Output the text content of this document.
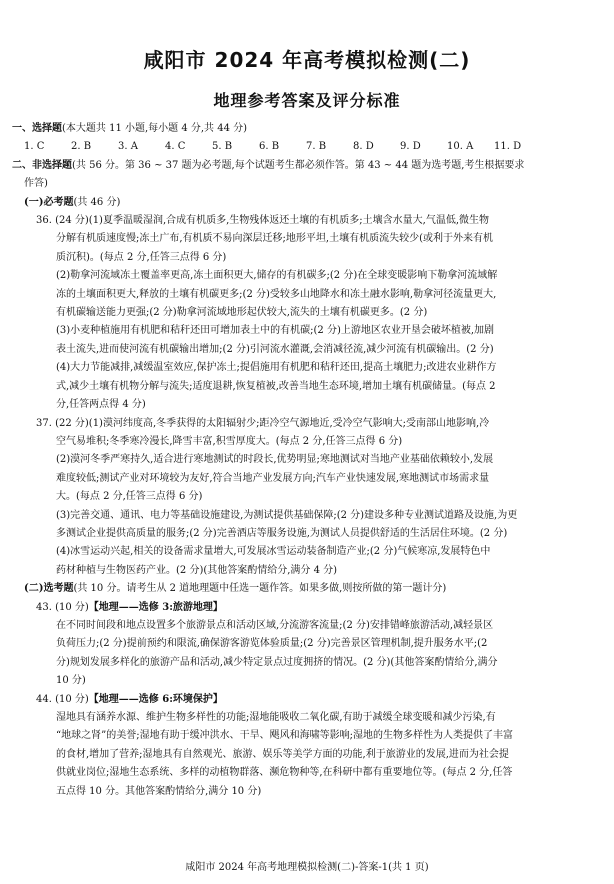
咸阳市 2024 年高考模拟检测(二)
地理参考答案及评分标准

一、选择题(本大题共 11 小题,每小题 4 分,共 44 分)

1. C	2. B	3. A	4. C	5. B	6. B	7. B	8. D	9. D	10. A 11. D

二、非选择题(共 56 分。第 36 ~ 37 题为必考题,每个试题考生都必须作答。第 43 ~ 44 题为选考题,考生根据要求

作答)

(一)必考题(共 46 分)

36. (24 分)(1)夏季温暖湿润,合成有机质多,生物残体返还土壤的有机质多;土壤含水量大,气温低,微生物

分解有机质速度慢;冻土广布,有机质不易向深层迁移;地形平坦,土壤有机质流失较少(或利于外来有机

质沉积)。(每点 2 分,任答三点得 6 分)

(2)勒拿河流域冻土覆盖率更高,冻土面积更大,储存的有机碳多;(2 分)在全球变暖影响下勒拿河流域解

冻的土壤面积更大,释放的土壤有机碳更多;(2 分)受较多山地降水和冻土融水影响,勒拿河径流量更大,

有机碳输送能力更强;(2 分)勒拿河流域地形起伏较大,流失的土壤有机碳更多。(2 分)

(3)小麦种植施用有机肥和秸秆还田可增加表土中的有机碳;(2 分)上游地区农业开垦会破坏植被,加剧

表土流失,进而使河流有机碳输出增加;(2 分)引河流水灌溉,会消减径流,减少河流有机碳输出。(2 分)

(4)大力节能减排,减缓温室效应,保护冻土;提倡施用有机肥和秸秆还田,提高土壤肥力;改进农业耕作方

式,减少土壤有机物分解与流失;适度退耕,恢复植被,改善当地生态环境,增加土壤有机碳储量。(每点 2

分,任答两点得 4 分)

37. (22 分)(1)漠河纬度高,冬季获得的太阳辐射少;距冷空气源地近,受冷空气影响大;受南部山地影响,冷

空气易堆积;冬季寒冷漫长,降雪丰富,积雪厚度大。(每点 2 分,任答三点得 6 分)

(2)漠河冬季严寒持久,适合进行寒地测试的时段长,优势明显;寒地测试对当地产业基础依赖较小,发展

难度较低;测试产业对环境较为友好,符合当地产业发展方向;汽车产业快速发展,寒地测试市场需求量

大。(每点 2 分,任答三点得 6 分)

(3)完善交通、通讯、电力等基础设施建设,为测试提供基础保障;(2 分)建设多种专业测试道路及设施,为更

多测试企业提供高质量的服务;(2 分)完善酒店等服务设施,为测试人员提供舒适的生活居住环境。(2 分)

(4)冰雪运动兴起,相关的设备需求量增大,可发展冰雪运动装备制造产业;(2 分)气候寒凉,发展特色中

药材种植与生物医药产业。(2 分)(其他答案酌情给分,满分 4 分)

(二)选考题(共 10 分。请考生从 2 道地理题中任选一题作答。如果多做,则按所做的第一题计分)

43. (10 分)【地理——选修 3:旅游地理】

在不同时间段和地点设置多个旅游景点和活动区域,分流游客流量;(2 分)安排错峰旅游活动,减轻景区

负荷压力;(2 分)提前预约和限流,确保游客游览体验质量;(2 分)完善景区管理机制,提升服务水平;(2

分)规划发展多样化的旅游产品和活动,减少特定景点过度拥挤的情况。(2 分)(其他答案酌情给分,满分

10 分)

44. (10 分)【地理——选修 6:环境保护】

湿地具有涵养水源、维护生物多样性的功能;湿地能吸收二氧化碳,有助于减缓全球变暖和减少污染,有

“地球之肾”的美誉;湿地有助于缓冲洪水、干旱、飓风和海啸等影响;湿地的生物多样性为人类提供了丰富

的食材,增加了营养;湿地具有自然观光、旅游、娱乐等美学方面的功能,利于旅游业的发展,进而为社会提

供就业岗位;湿地生态系统、多样的动植物群落、濒危物种等,在科研中都有重要地位等。(每点 2 分,任答

五点得 10 分。其他答案酌情给分,满分 10 分)

咸阳市 2024 年高考地理模拟检测(二)-答案-1(共 1 页)
